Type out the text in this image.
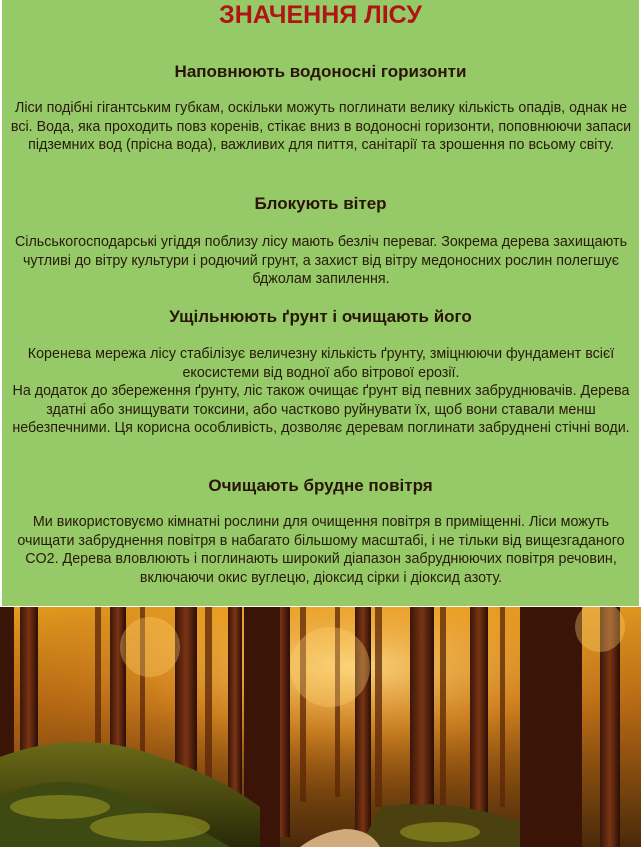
ЗНАЧЕННЯ ЛІСУ
Наповнюють водоносні горизонти

Ліси подібні гігантським губкам, оскільки можуть поглинати велику кількість опадів, однак не всі. Вода, яка проходить повз коренів, стікає вниз в водоносні горизонти, поповнюючи запаси підземних вод (прісна вода), важливих для пиття, санітарії та зрошення по всьому світу.

Блокують вітер

Сільськогосподарські угіддя поблизу лісу мають безліч переваг. Зокрема дерева захищають чутливі до вітру культури і родючий грунт, а захист від вітру медоносних рослин полегшує бджолам запилення.

Ущільнюють ґрунт і очищають його

Коренева мережа лісу стабілізує величезну кількість ґрунту, зміцнюючи фундамент всієї екосистеми від водної або вітрової ерозії.

На додаток до збереження ґрунту, ліс також очищає ґрунт від певних забруднювачів. Дерева здатні або знищувати токсини, або частково руйнувати їх, щоб вони ставали менш небезпечними. Ця корисна особливість, дозволяє деревам поглинати забруднені стічні води.

Очищають брудне повітря

Ми використовуємо кімнатні рослини для очищення повітря в приміщенні. Ліси можуть очищати забруднення повітря в набагато більшому масштабі, і не тільки від вищезгаданого CO2. Дерева вловлюють і поглинають широкий діапазон забруднюючих повітря речовин, включаючи окис вуглецю, діоксид сірки і діоксид азоту.
